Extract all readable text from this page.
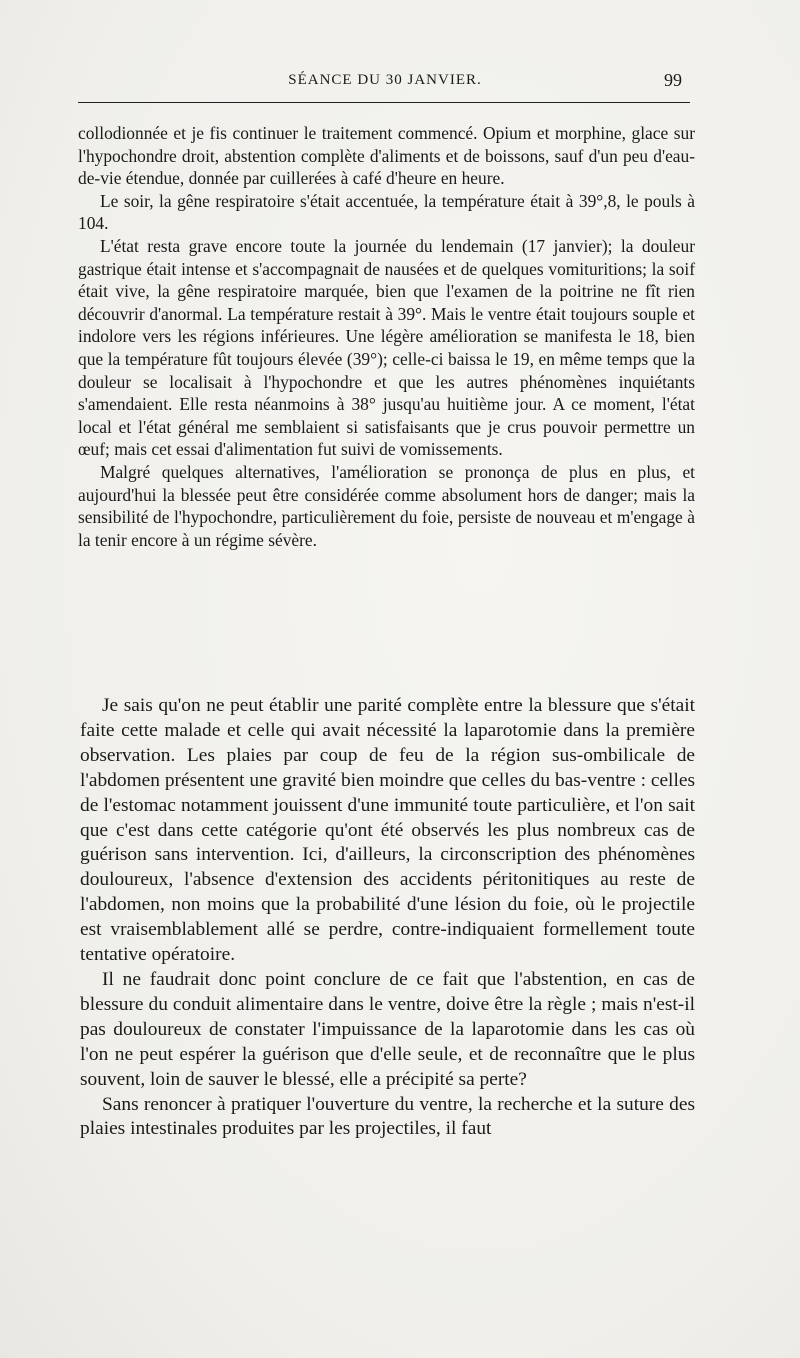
SÉANCE DU 30 JANVIER.	99

collodionnée et je fis continuer le traitement commencé. Opium et morphine, glace sur l'hypochondre droit, abstention complète d'aliments et de boissons, sauf d'un peu d'eau-de-vie étendue, donnée par cuillerées à café d'heure en heure.

Le soir, la gêne respiratoire s'était accentuée, la température était à 39°,8, le pouls à 104.

L'état resta grave encore toute la journée du lendemain (17 janvier); la douleur gastrique était intense et s'accompagnait de nausées et de quelques vomituritions; la soif était vive, la gêne respiratoire marquée, bien que l'examen de la poitrine ne fît rien découvrir d'anormal. La température restait à 39°. Mais le ventre était toujours souple et indolore vers les régions inférieures. Une légère amélioration se manifesta le 18, bien que la température fût toujours élevée (39°); celle-ci baissa le 19, en même temps que la douleur se localisait à l'hypochondre et que les autres phénomènes inquiétants s'amendaient. Elle resta néanmoins à 38° jusqu'au huitième jour. A ce moment, l'état local et l'état général me semblaient si satisfaisants que je crus pouvoir permettre un œuf; mais cet essai d'alimentation fut suivi de vomissements.

Malgré quelques alternatives, l'amélioration se prononça de plus en plus, et aujourd'hui la blessée peut être considérée comme absolument hors de danger; mais la sensibilité de l'hypochondre, particulièrement du foie, persiste de nouveau et m'engage à la tenir encore à un régime sévère.

Je sais qu'on ne peut établir une parité complète entre la blessure que s'était faite cette malade et celle qui avait nécessité la laparotomie dans la première observation. Les plaies par coup de feu de la région sus-ombilicale de l'abdomen présentent une gravité bien moindre que celles du bas-ventre : celles de l'estomac notamment jouissent d'une immunité toute particulière, et l'on sait que c'est dans cette catégorie qu'ont été observés les plus nombreux cas de guérison sans intervention. Ici, d'ailleurs, la circonscription des phénomènes douloureux, l'absence d'extension des accidents péritonitiques au reste de l'abdomen, non moins que la probabilité d'une lésion du foie, où le projectile est vraisemblablement allé se perdre, contre-indiquaient formellement toute tentative opératoire.

Il ne faudrait donc point conclure de ce fait que l'abstention, en cas de blessure du conduit alimentaire dans le ventre, doive être la règle ; mais n'est-il pas douloureux de constater l'impuissance de la laparotomie dans les cas où l'on ne peut espérer la guérison que d'elle seule, et de reconnaître que le plus souvent, loin de sauver le blessé, elle a précipité sa perte?

Sans renoncer à pratiquer l'ouverture du ventre, la recherche et la suture des plaies intestinales produites par les projectiles, il faut
